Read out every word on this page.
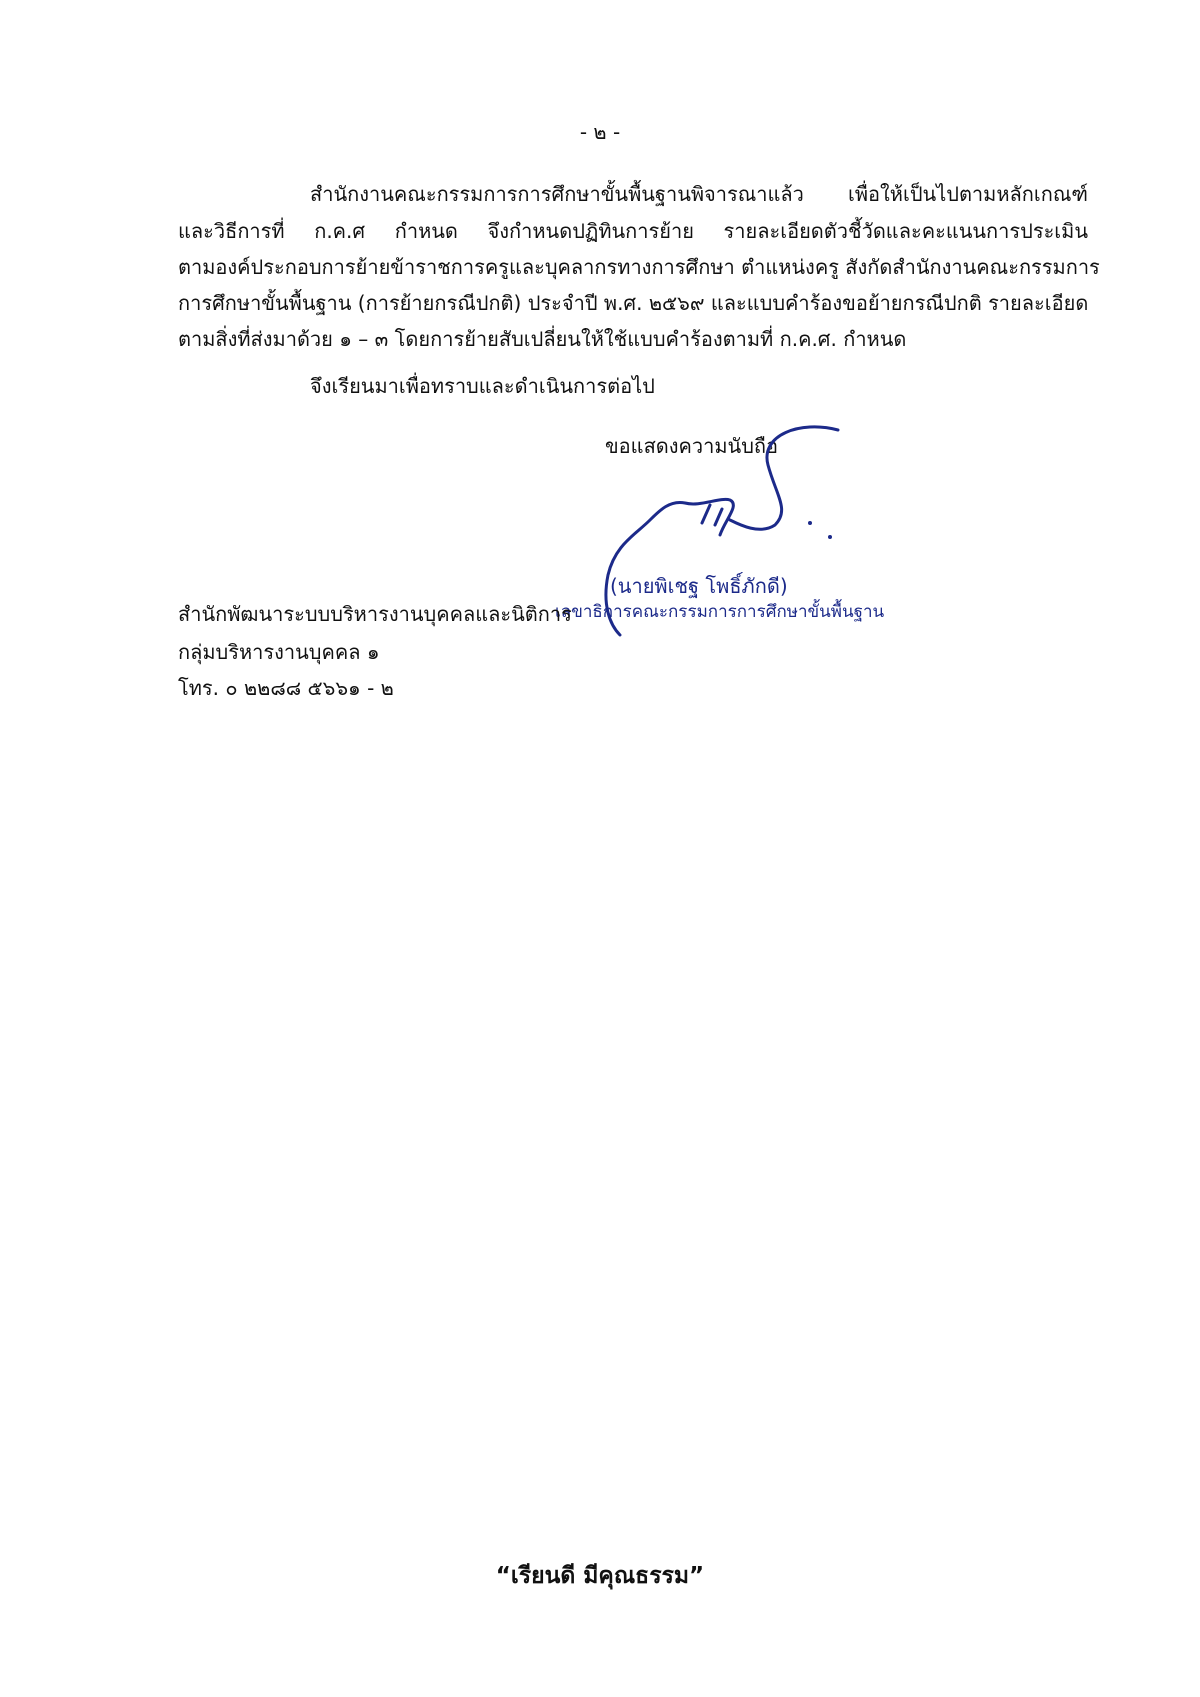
- ๒ -
สำนักงานคณะกรรมการการศึกษาขั้นพื้นฐานพิจารณาแล้ว เพื่อให้เป็นไปตามหลักเกณฑ์
และวิธีการที่ ก.ค.ศ กำหนด จึงกำหนดปฏิทินการย้าย รายละเอียดตัวชี้วัดและคะแนนการประเมิน
ตามองค์ประกอบการย้ายข้าราชการครูและบุคลากรทางการศึกษา ตำแหน่งครู สังกัดสำนักงานคณะกรรมการ
การศึกษาขั้นพื้นฐาน (การย้ายกรณีปกติ) ประจำปี พ.ศ. ๒๕๖๙ และแบบคำร้องขอย้ายกรณีปกติ รายละเอียด
ตามสิ่งที่ส่งมาด้วย ๑ – ๓ โดยการย้ายสับเปลี่ยนให้ใช้แบบคำร้องตามที่ ก.ค.ศ. กำหนด
จึงเรียนมาเพื่อทราบและดำเนินการต่อไป
ขอแสดงความนับถือ
(นายพิเชฐ โพธิ์ภักดี)
เลขาธิการคณะกรรมการการศึกษาขั้นพื้นฐาน
สำนักพัฒนาระบบบริหารงานบุคคลและนิติการ
กลุ่มบริหารงานบุคคล ๑
โทร. ๐ ๒๒๘๘ ๕๖๖๑ - ๒
“เรียนดี มีคุณธรรม”
